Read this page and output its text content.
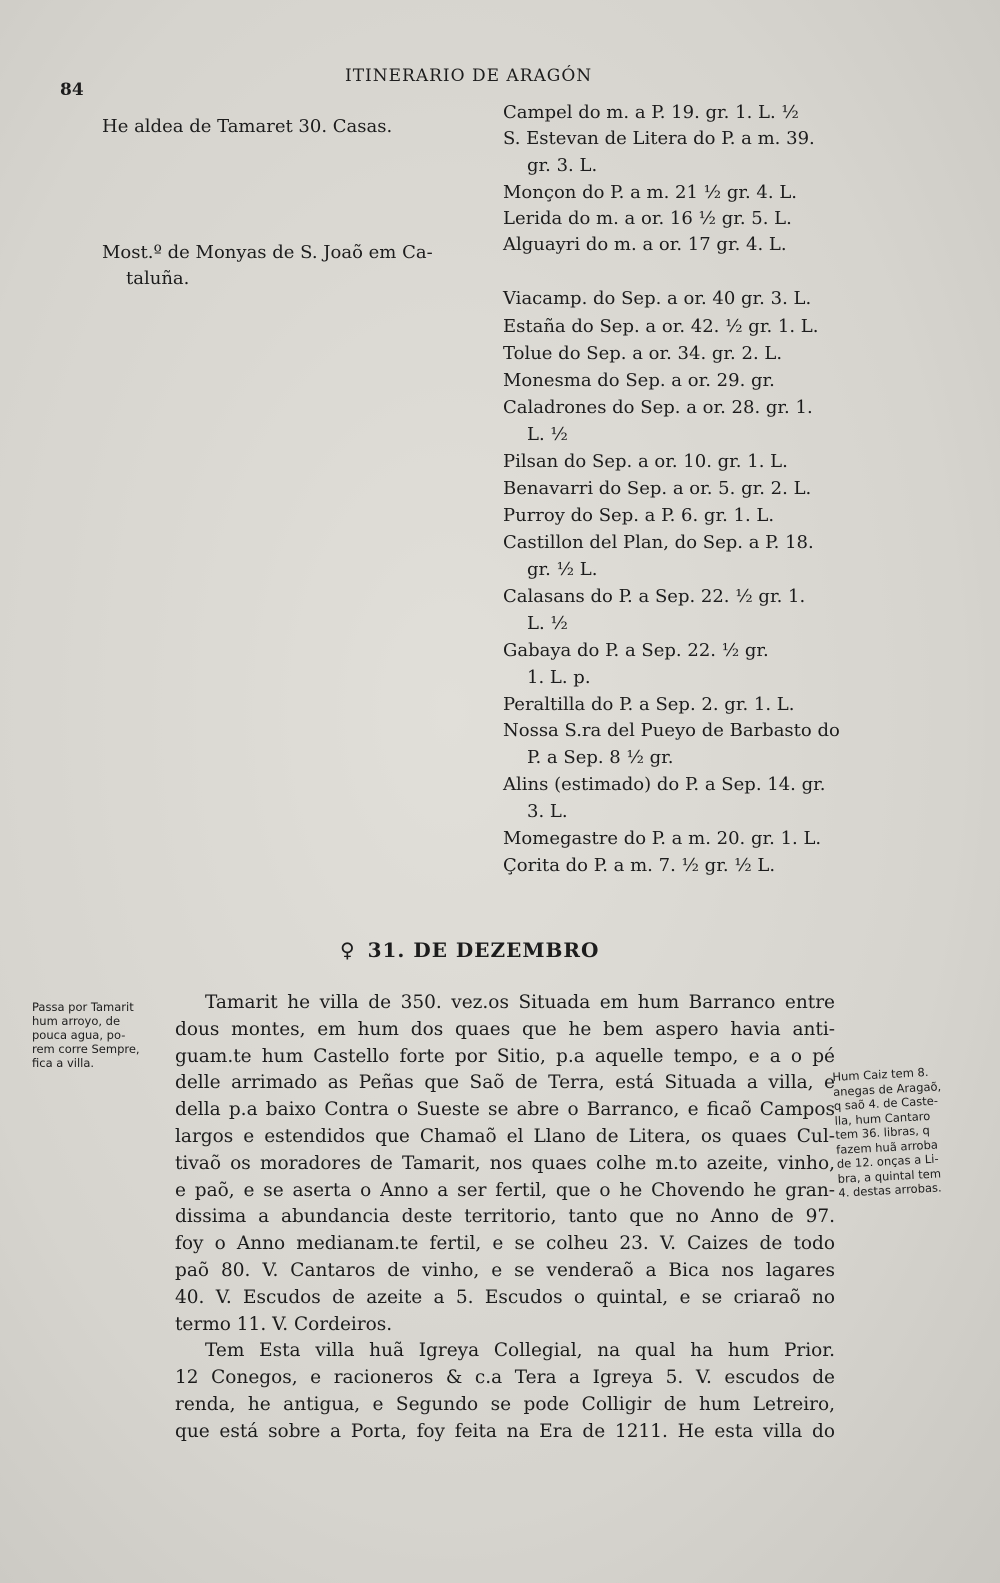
84
ITINERARIO DE ARAGÓN
He aldea de Tamaret 30. Casas.
Most.º de Monyas de S. Joaõ em Ca-
taluña.
Campel do m. a P. 19. gr. 1. L. ½
S. Estevan de Litera do P. a m. 39.
gr. 3. L.
Monçon do P. a m. 21 ½ gr. 4. L.
Lerida do m. a or. 16 ½ gr. 5. L.
Alguayri do m. a or. 17 gr. 4. L.
Viacamp. do Sep. a or. 40 gr. 3. L.
Estaña do Sep. a or. 42. ½ gr. 1. L.
Tolue do Sep. a or. 34. gr. 2. L.
Monesma do Sep. a or. 29. gr.
Caladrones do Sep. a or. 28. gr. 1.
L. ½
Pilsan do Sep. a or. 10. gr. 1. L.
Benavarri do Sep. a or. 5. gr. 2. L.
Purroy do Sep. a P. 6. gr. 1. L.
Castillon del Plan, do Sep. a P. 18.
gr. ½ L.
Calasans do P. a Sep. 22. ½ gr. 1.
L. ½
Gabaya do P. a Sep. 22. ½ gr.
1. L. p.
Peraltilla do P. a Sep. 2. gr. 1. L.
Nossa S.ra del Pueyo de Barbasto do
P. a Sep. 8 ½ gr.
Alins (estimado) do P. a Sep. 14. gr.
3. L.
Momegastre do P. a m. 20. gr. 1. L.
Çorita do P. a m. 7. ½ gr. ½ L.
♀ 31. DE DEZEMBRO
Passa por Tamarit
hum arroyo, de
pouca agua, po-
rem corre Sempre,
fica a villa.
Hum Caiz tem 8.
anegas de Aragaõ,
q saõ 4. de Caste-
lla, hum Cantaro
tem 36. libras, q
fazem huã arroba
de 12. onças a Li-
bra, a quintal tem
4. destas arrobas.
Tamarit he villa de 350. vez.os Situada em hum Barranco entre
dous montes, em hum dos quaes que he bem aspero havia anti-
guam.te hum Castello forte por Sitio, p.a aquelle tempo, e a o pé
delle arrimado as Peñas que Saõ de Terra, está Situada a villa, e
della p.a baixo Contra o Sueste se abre o Barranco, e ficaõ Campos
largos e estendidos que Chamaõ el Llano de Litera, os quaes Cul-
tivaõ os moradores de Tamarit, nos quaes colhe m.to azeite, vinho,
e paõ, e se aserta o Anno a ser fertil, que o he Chovendo he gran-
dissima a abundancia deste territorio, tanto que no Anno de 97.
foy o Anno medianam.te fertil, e se colheu 23. V. Caizes de todo
paõ 80. V. Cantaros de vinho, e se venderaõ a Bica nos lagares
40. V. Escudos de azeite a 5. Escudos o quintal, e se criaraõ no
termo 11. V. Cordeiros.
Tem Esta villa huã Igreya Collegial, na qual ha hum Prior.
12 Conegos, e racioneros & c.a Tera a Igreya 5. V. escudos de
renda, he antigua, e Segundo se pode Colligir de hum Letreiro,
que está sobre a Porta, foy feita na Era de 1211. He esta villa do
